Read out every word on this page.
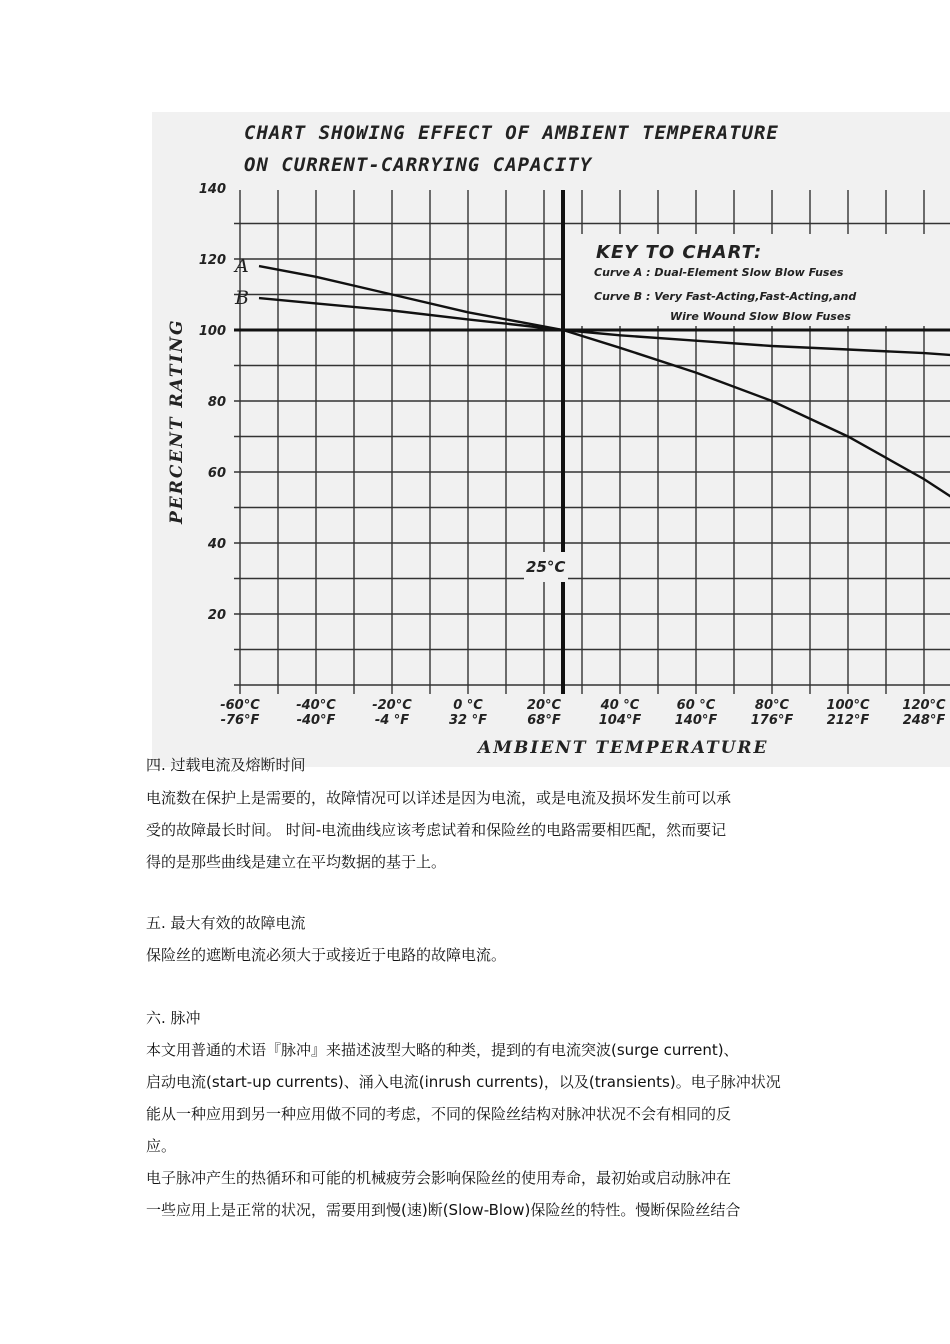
CHART SHOWING EFFECT OF AMBIENT TEMPERATURE
ON CURRENT-CARRYING CAPACITY
A
B
20
40
60
80
100
120
140
-60°C
-76°F
-40°C
-40°F
-20°C
-4 °F
0 °C
32 °F
20°C
68°F
40 °C
104°F
60 °C
140°F
80°C
176°F
100°C
212°F
120°C
248°F
KEY TO CHART:
Curve A : Dual-Element Slow Blow Fuses
Curve B : Very Fast-Acting,Fast-Acting,and
Wire Wound Slow Blow Fuses
25°C
PERCENT RATING
AMBIENT TEMPERATURE

四. 过载电流及熔断时间

电流数在保护上是需要的，故障情况可以详述是因为电流，或是电流及损坏发生前可以承

受的故障最长时间。 时间-电流曲线应该考虑试着和保险丝的电路需要相匹配，然而要记

得的是那些曲线是建立在平均数据的基于上。

五. 最大有效的故障电流

保险丝的遮断电流必须大于或接近于电路的故障电流。

六. 脉冲

本文用普通的术语『脉冲』来描述波型大略的种类，提到的有电流突波(surge current)、

启动电流(start-up currents)、涌入电流(inrush currents)，以及(transients)。电子脉冲状况

能从一种应用到另一种应用做不同的考虑，不同的保险丝结构对脉冲状况不会有相同的反

应。

电子脉冲产生的热循环和可能的机械疲劳会影响保险丝的使用寿命，最初始或启动脉冲在

一些应用上是正常的状况，需要用到慢(速)断(Slow-Blow)保险丝的特性。慢断保险丝结合
